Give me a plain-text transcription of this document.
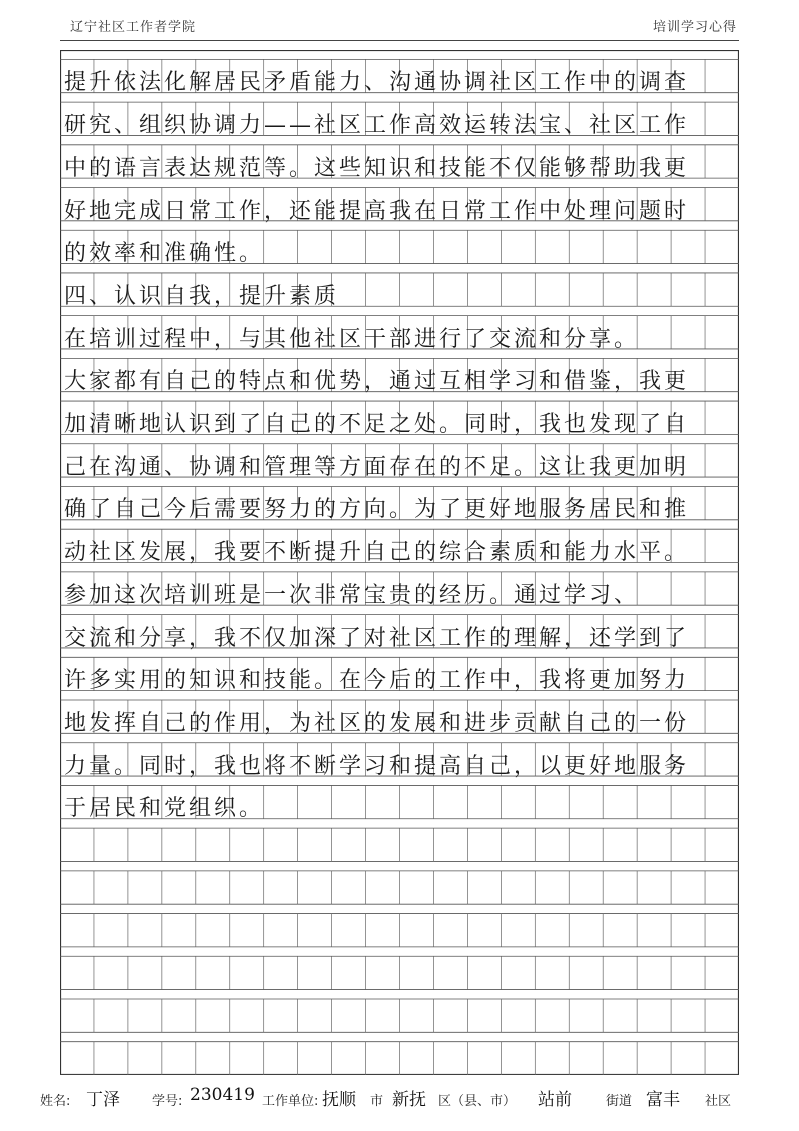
辽宁社区工作者学院	培训学习心得
提升依法化解居民矛盾能力、沟通协调社区工作中的调查
研究、组织协调力——社区工作高效运转法宝、社区工作
中的语言表达规范等。这些知识和技能不仅能够帮助我更
好地完成日常工作，还能提高我在日常工作中处理问题时
的效率和准确性。
四、认识自我，提升素质
在培训过程中，与其他社区干部进行了交流和分享。
大家都有自己的特点和优势，通过互相学习和借鉴，我更
加清晰地认识到了自己的不足之处。同时，我也发现了自
己在沟通、协调和管理等方面存在的不足。这让我更加明
确了自己今后需要努力的方向。为了更好地服务居民和推
动社区发展，我要不断提升自己的综合素质和能力水平。
参加这次培训班是一次非常宝贵的经历。通过学习、
交流和分享，我不仅加深了对社区工作的理解，还学到了
许多实用的知识和技能。在今后的工作中，我将更加努力
地发挥自己的作用，为社区的发展和进步贡献自己的一份
力量。同时，我也将不断学习和提高自己，以更好地服务
于居民和党组织。
姓名: 丁泽 学号: 230419 工作单位: 抚顺 市 新抚 区（县、市） 站前	街道 富丰 社区
